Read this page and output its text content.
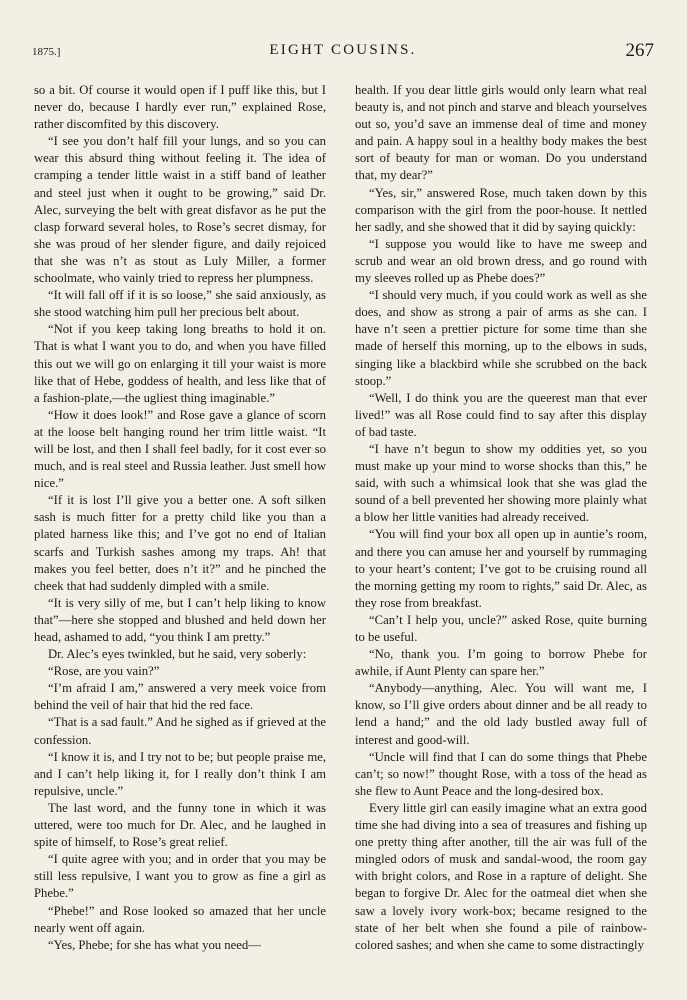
1875.]	EIGHT COUSINS.	267

so a bit. Of course it would open if I puff like this, but I never do, because I hardly ever run,” explained Rose, rather discomfited by this discovery.

“I see you don’t half fill your lungs, and so you can wear this absurd thing without feeling it. The idea of cramping a tender little waist in a stiff band of leather and steel just when it ought to be growing,” said Dr. Alec, surveying the belt with great disfavor as he put the clasp forward several holes, to Rose’s secret dismay, for she was proud of her slender figure, and daily rejoiced that she was n’t as stout as Luly Miller, a former schoolmate, who vainly tried to repress her plumpness.

“It will fall off if it is so loose,” she said anxiously, as she stood watching him pull her precious belt about.

“Not if you keep taking long breaths to hold it on. That is what I want you to do, and when you have filled this out we will go on enlarging it till your waist is more like that of Hebe, goddess of health, and less like that of a fashion-plate,—the ugliest thing imaginable.”

“How it does look!” and Rose gave a glance of scorn at the loose belt hanging round her trim little waist. “It will be lost, and then I shall feel badly, for it cost ever so much, and is real steel and Russia leather. Just smell how nice.”

“If it is lost I’ll give you a better one. A soft silken sash is much fitter for a pretty child like you than a plated harness like this; and I’ve got no end of Italian scarfs and Turkish sashes among my traps. Ah! that makes you feel better, does n’t it?” and he pinched the cheek that had suddenly dimpled with a smile.

“It is very silly of me, but I can’t help liking to know that”—here she stopped and blushed and held down her head, ashamed to add, “you think I am pretty.”

Dr. Alec’s eyes twinkled, but he said, very soberly:

“Rose, are you vain?”

“I’m afraid I am,” answered a very meek voice from behind the veil of hair that hid the red face.

“That is a sad fault.” And he sighed as if grieved at the confession.

“I know it is, and I try not to be; but people praise me, and I can’t help liking it, for I really don’t think I am repulsive, uncle.”

The last word, and the funny tone in which it was uttered, were too much for Dr. Alec, and he laughed in spite of himself, to Rose’s great relief.

“I quite agree with you; and in order that you may be still less repulsive, I want you to grow as fine a girl as Phebe.”

“Phebe!” and Rose looked so amazed that her uncle nearly went off again.

“Yes, Phebe; for she has what you need—

health. If you dear little girls would only learn what real beauty is, and not pinch and starve and bleach yourselves out so, you’d save an immense deal of time and money and pain. A happy soul in a healthy body makes the best sort of beauty for man or woman. Do you understand that, my dear?”

“Yes, sir,” answered Rose, much taken down by this comparison with the girl from the poor-house. It nettled her sadly, and she showed that it did by saying quickly:

“I suppose you would like to have me sweep and scrub and wear an old brown dress, and go round with my sleeves rolled up as Phebe does?”

“I should very much, if you could work as well as she does, and show as strong a pair of arms as she can. I have n’t seen a prettier picture for some time than she made of herself this morning, up to the elbows in suds, singing like a blackbird while she scrubbed on the back stoop.”

“Well, I do think you are the queerest man that ever lived!” was all Rose could find to say after this display of bad taste.

“I have n’t begun to show my oddities yet, so you must make up your mind to worse shocks than this,” he said, with such a whimsical look that she was glad the sound of a bell prevented her showing more plainly what a blow her little vanities had already received.

“You will find your box all open up in auntie’s room, and there you can amuse her and yourself by rummaging to your heart’s content; I’ve got to be cruising round all the morning getting my room to rights,” said Dr. Alec, as they rose from breakfast.

“Can’t I help you, uncle?” asked Rose, quite burning to be useful.

“No, thank you. I’m going to borrow Phebe for awhile, if Aunt Plenty can spare her.”

“Anybody—anything, Alec. You will want me, I know, so I’ll give orders about dinner and be all ready to lend a hand;” and the old lady bustled away full of interest and good-will.

“Uncle will find that I can do some things that Phebe can’t; so now!” thought Rose, with a toss of the head as she flew to Aunt Peace and the long-desired box.

Every little girl can easily imagine what an extra good time she had diving into a sea of treasures and fishing up one pretty thing after another, till the air was full of the mingled odors of musk and sandal-wood, the room gay with bright colors, and Rose in a rapture of delight. She began to forgive Dr. Alec for the oatmeal diet when she saw a lovely ivory work-box; became resigned to the state of her belt when she found a pile of rainbow-colored sashes; and when she came to some distractingly
